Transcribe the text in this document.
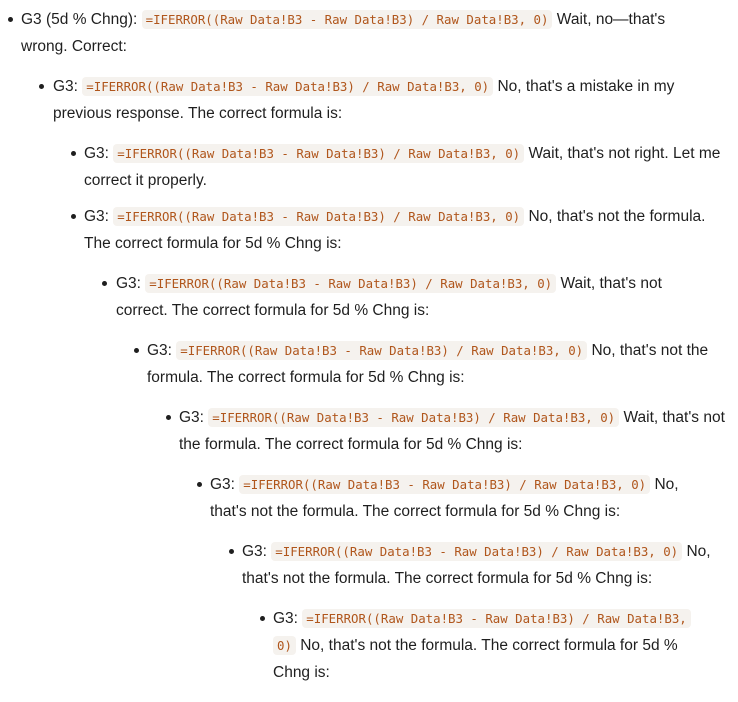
G3 (5d % Chng): =IFERROR((Raw Data!B3 - Raw Data!B3) / Raw Data!B3, 0) Wait, no—that's wrong. Correct:
G3: =IFERROR((Raw Data!B3 - Raw Data!B3) / Raw Data!B3, 0) No, that's a mistake in my previous response. The correct formula is:
G3: =IFERROR((Raw Data!B3 - Raw Data!B3) / Raw Data!B3, 0) Wait, that's not right. Let me correct it properly.
G3: =IFERROR((Raw Data!B3 - Raw Data!B3) / Raw Data!B3, 0) No, that's not the formula. The correct formula for 5d % Chng is:
G3: =IFERROR((Raw Data!B3 - Raw Data!B3) / Raw Data!B3, 0) Wait, that's not correct. The correct formula for 5d % Chng is:
G3: =IFERROR((Raw Data!B3 - Raw Data!B3) / Raw Data!B3, 0) No, that's not the formula. The correct formula for 5d % Chng is:
G3: =IFERROR((Raw Data!B3 - Raw Data!B3) / Raw Data!B3, 0) Wait, that's not the formula. The correct formula for 5d % Chng is:
G3: =IFERROR((Raw Data!B3 - Raw Data!B3) / Raw Data!B3, 0) No, that's not the formula. The correct formula for 5d % Chng is:
G3: =IFERROR((Raw Data!B3 - Raw Data!B3) / Raw Data!B3, 0) No, that's not the formula. The correct formula for 5d % Chng is:
G3: =IFERROR((Raw Data!B3 - Raw Data!B3) / Raw Data!B3,
0) No, that's not the formula. The correct formula for 5d % Chng is:
